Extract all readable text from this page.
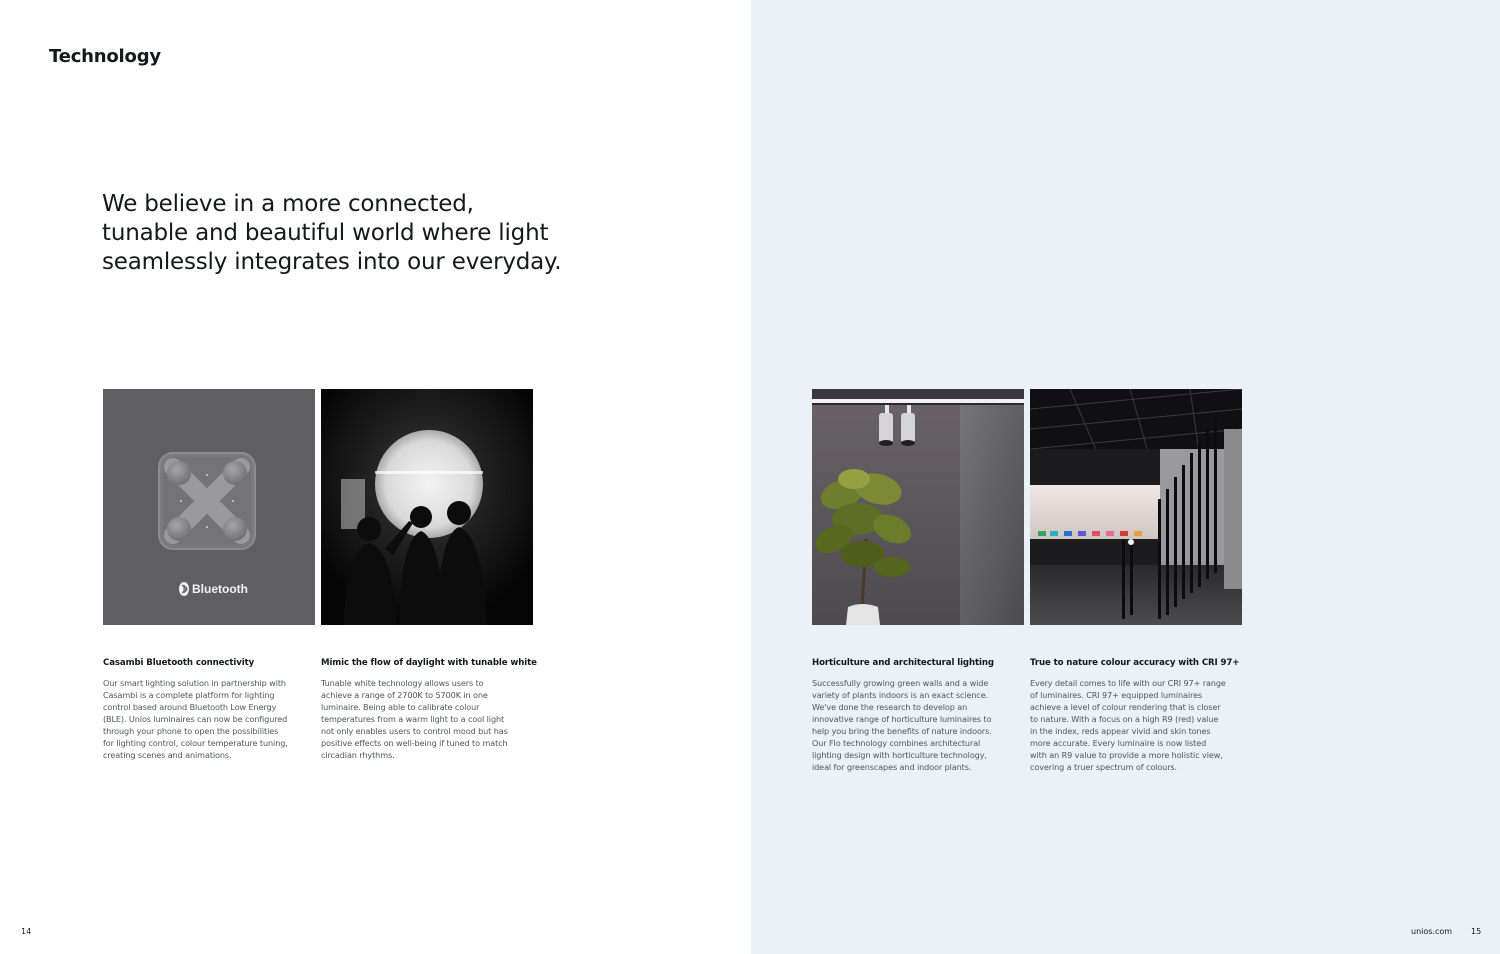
Technology
We believe in a more connected,
tunable and beautiful world where light
seamlessly integrates into our everyday.
14
Bluetooth
Casambi Bluetooth connectivity

Our smart lighting solution in partnership with
Casambi is a complete platform for lighting
control based around Bluetooth Low Energy
(BLE). Unios luminaires can now be configured
through your phone to open the possibilities
for lighting control, colour temperature tuning,
creating scenes and animations.

Mimic the flow of daylight with tunable white

Tunable white technology allows users to
achieve a range of 2700K to 5700K in one
luminaire. Being able to calibrate colour
temperatures from a warm light to a cool light
not only enables users to control mood but has
positive effects on well-being if tuned to match
circadian rhythms.

Horticulture and architectural lighting

Successfully growing green walls and a wide
variety of plants indoors is an exact science.
We've done the research to develop an
innovative range of horticulture luminaires to
help you bring the benefits of nature indoors.
Our Flo technology combines architectural
lighting design with horticulture technology,
ideal for greenscapes and indoor plants.

True to nature colour accuracy with CRI 97+

Every detail comes to life with our CRI 97+ range
of luminaires. CRI 97+ equipped luminaires
achieve a level of colour rendering that is closer
to nature. With a focus on a high R9 (red) value
in the index, reds appear vivid and skin tones
more accurate. Every luminaire is now listed
with an R9 value to provide a more holistic view,
covering a truer spectrum of colours.

unios.com 15
